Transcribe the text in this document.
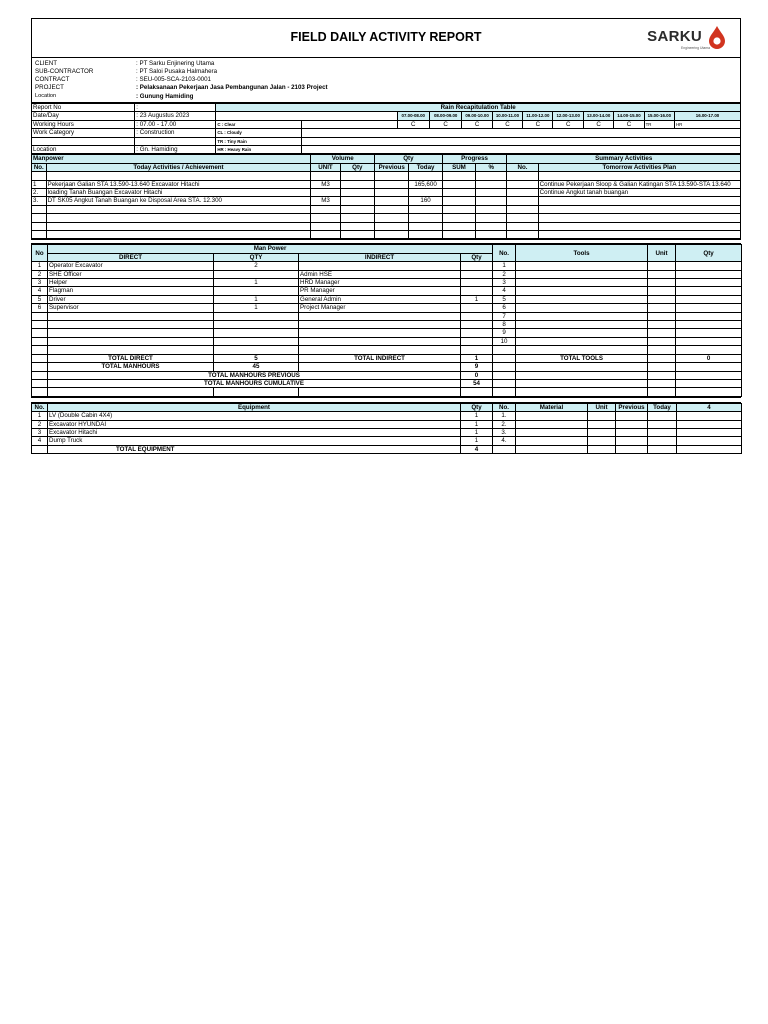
FIELD DAILY ACTIVITY REPORT	SARKU
Engineering Utama
CLIENT	: PT Sarku Enjinering Utama
SUB-CONTRACTOR	: PT Saloi Pusaka Halmahera
CONTRACT	: SEU-005-SCA-2103-0001
PROJECT	: Pelaksanaan Pekerjaan Jasa Pembangunan Jalan - 2103 Project
Location	: Gunung Hamiding
Report No	:	Rain Recapitulation Table											
Date/Day	: 23 Augustus 2023			07.00-08.00	08.00-09.00	09.00-10.00	10.00-11.00	11.00-12.00	12.00-13.00	13.00-14.00	14.00-15.00	15.00-16.00	16.00-17.00
Working Hours	: 07.00 - 17.00	C : Clear		C	C	C	C	C	C	C	C	TR	HR
Work Category	: Construction	CL : Cloudy											
		TR : Tiny Rain											
Location	: Gn. Hamiding	HR : Heavy Rain											
Manpower		Volume		Qty		Progress		Summary Activities	
No.	Today Activities / Achievement	UNIT	Qty	Previous	Today	SUM	%	No.	Tomorrow Activities Plan

1	Pekerjaan Galian STA 13.590-13.640 Excavator Hitachi	M3			165,600				Continue Pekerjaan Sloop & Galian Katingan STA 13.590-STA 13.640
2.	loading Tanah Buangan Excavator Hitachi								Continue Angkut tanah buangan
3.	DT SK05 Angkut Tanah Buangan ke Disposal Area STA. 12.300	M3			160				

No	Man Power				No.	Tools	Unit	Qty
	DIRECT	QTY	INDIRECT	Qty				
1	Operator Excavator	2			1			
2	SHE Officer		Admin HSE		2			
3	Helper	1	HRD Manager		3			
4	Flagman		PR Manager		4			
5	Driver	1	General Admin	1	5			
6	Supervisor	1	Project Manager		6			
					7			
					8			
					9			
					10			

	TOTAL DIRECT	5	TOTAL INDIRECT	1		TOTAL TOOLS		0
	TOTAL MANHOURS	45		9				
	TOTAL MANHOURS PREVIOUS			0				
	TOTAL MANHOURS CUMULATIVE			54				

No.	Equipment	Qty	No.	Material	Unit	Previous	Today	4
1	LV (Double Cabin 4X4)	1	1.					
2	Excavator HYUNDAI	1	2.					
3	Excavator Hitachi	1	3.					
4	Dump Truck	1	4.					
	TOTAL EQUIPMENT	4						
